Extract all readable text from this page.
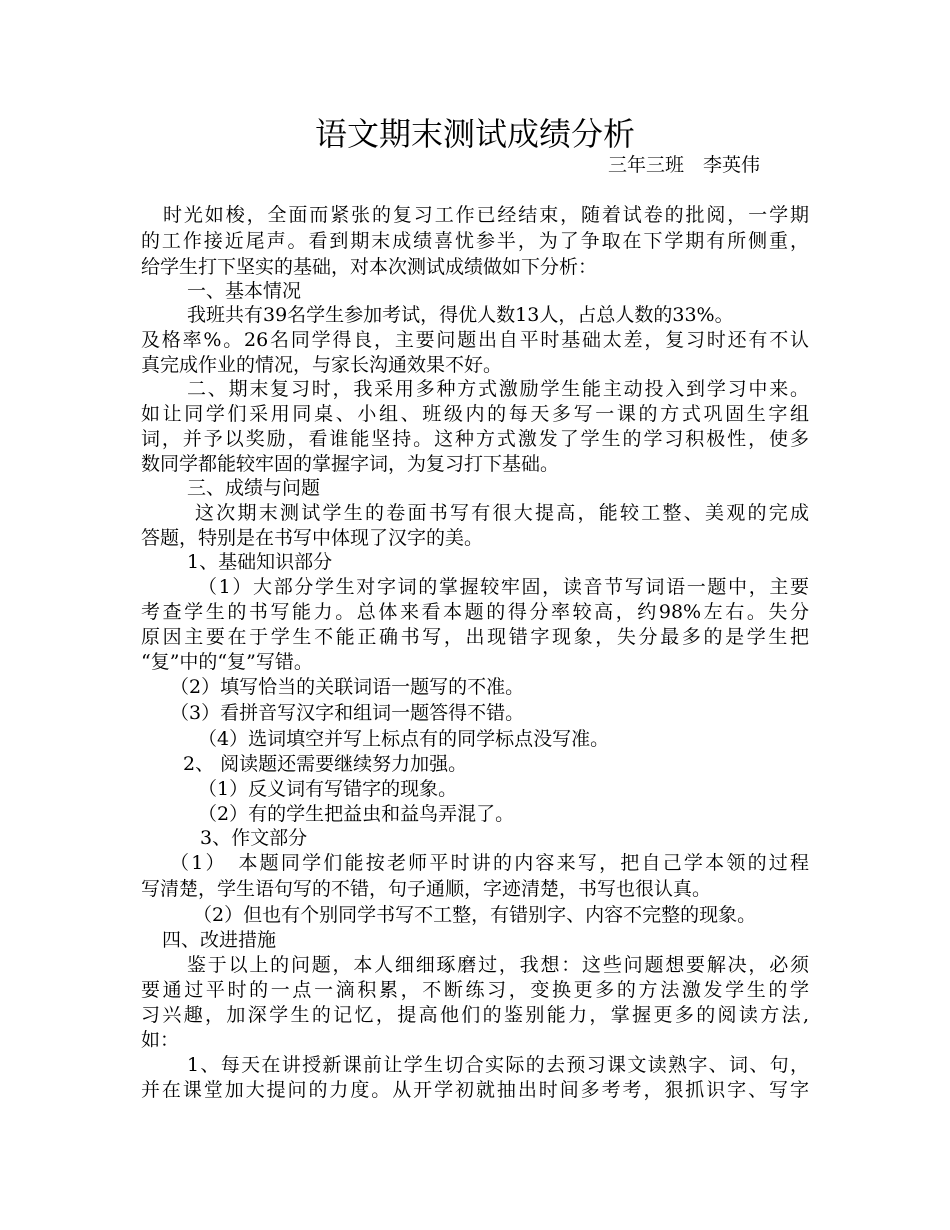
语文期末测试成绩分析
三年三班　李英伟
时光如梭，全面而紧张的复习工作已经结束，随着试卷的批阅，一学期
的工作接近尾声。看到期末成绩喜忧参半，为了争取在下学期有所侧重，
给学生打下坚实的基础，对本次测试成绩做如下分析：
一、基本情况
我班共有39名学生参加考试，得优人数13人，占总人数的33%。
及格率%。26名同学得良，主要问题出自平时基础太差，复习时还有不认
真完成作业的情况，与家长沟通效果不好。
二、期末复习时，我采用多种方式激励学生能主动投入到学习中来。
如让同学们采用同桌、小组、班级内的每天多写一课的方式巩固生字组
词，并予以奖励，看谁能坚持。这种方式激发了学生的学习积极性，使多
数同学都能较牢固的掌握字词，为复习打下基础。
三、成绩与问题
这次期末测试学生的卷面书写有很大提高，能较工整、美观的完成
答题，特别是在书写中体现了汉字的美。
1、基础知识部分
（1）大部分学生对字词的掌握较牢固，读音节写词语一题中，主要
考查学生的书写能力。总体来看本题的得分率较高，约98%左右。失分
原因主要在于学生不能正确书写，出现错字现象，失分最多的是学生把
“复”中的“复”写错。
（2）填写恰当的关联词语一题写的不准。
（3）看拼音写汉字和组词一题答得不错。
（4）选词填空并写上标点有的同学标点没写准。
2、 阅读题还需要继续努力加强。
（1）反义词有写错字的现象。
（2）有的学生把益虫和益鸟弄混了。
3、作文部分
（1）　本题同学们能按老师平时讲的内容来写，把自己学本领的过程
写清楚，学生语句写的不错，句子通顺，字迹清楚，书写也很认真。
（2）但也有个别同学书写不工整，有错别字、内容不完整的现象。
四、改进措施
鉴于以上的问题，本人细细琢磨过，我想：这些问题想要解决，必须
要通过平时的一点一滴积累，不断练习，变换更多的方法激发学生的学
习兴趣，加深学生的记忆，提高他们的鉴别能力，掌握更多的阅读方法,
如：
1、每天在讲授新课前让学生切合实际的去预习课文读熟字、词、句，
并在课堂加大提问的力度。从开学初就抽出时间多考考，狠抓识字、写字
